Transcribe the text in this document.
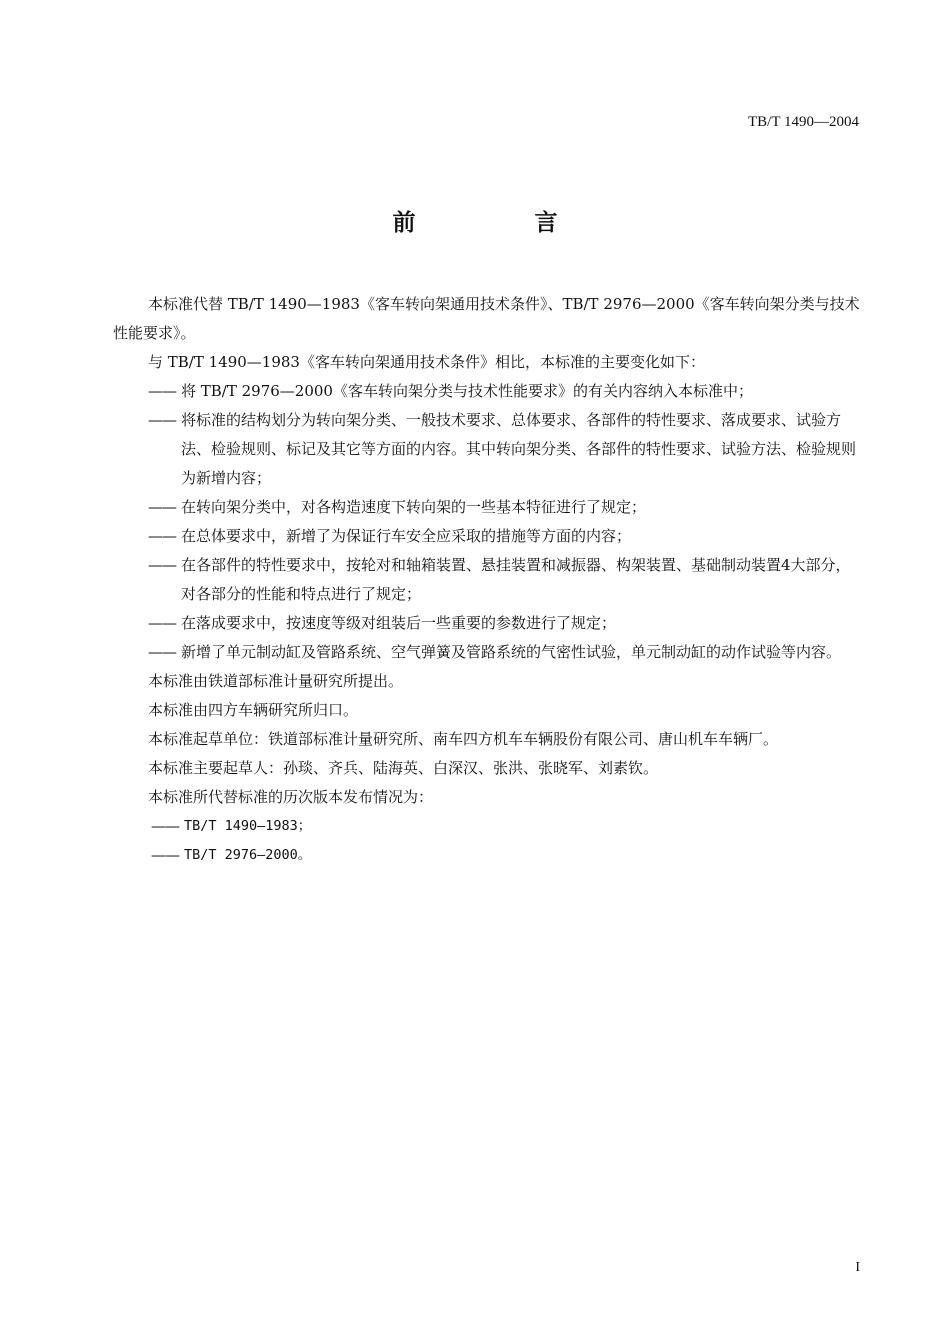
TB/T 1490—2004
前　言

本标准代替 TB/T 1490—1983《客车转向架通用技术条件》、TB/T 2976—2000《客车转向架分类与技术性能要求》。

与 TB/T 1490—1983《客车转向架通用技术条件》相比，本标准的主要变化如下：

—— 将 TB/T 2976—2000《客车转向架分类与技术性能要求》的有关内容纳入本标准中；
—— 将标准的结构划分为转向架分类、一般技术要求、总体要求、各部件的特性要求、落成要求、试验方法、检验规则、标记及其它等方面的内容。其中转向架分类、各部件的特性要求、试验方法、检验规则为新增内容；
—— 在转向架分类中，对各构造速度下转向架的一些基本特征进行了规定；
—— 在总体要求中，新增了为保证行车安全应采取的措施等方面的内容；
—— 在各部件的特性要求中，按轮对和轴箱装置、悬挂装置和减振器、构架装置、基础制动装置4大部分，对各部分的性能和特点进行了规定；
—— 在落成要求中，按速度等级对组装后一些重要的参数进行了规定；
—— 新增了单元制动缸及管路系统、空气弹簧及管路系统的气密性试验，单元制动缸的动作试验等内容。

本标准由铁道部标准计量研究所提出。

本标准由四方车辆研究所归口。

本标准起草单位：铁道部标准计量研究所、南车四方机车车辆股份有限公司、唐山机车车辆厂。

本标准主要起草人：孙琰、齐兵、陆海英、白深汉、张洪、张晓军、刘素钦。

本标准所代替标准的历次版本发布情况为：

—— TB/T 1490—1983；
—— TB/T 2976—2000。
I
